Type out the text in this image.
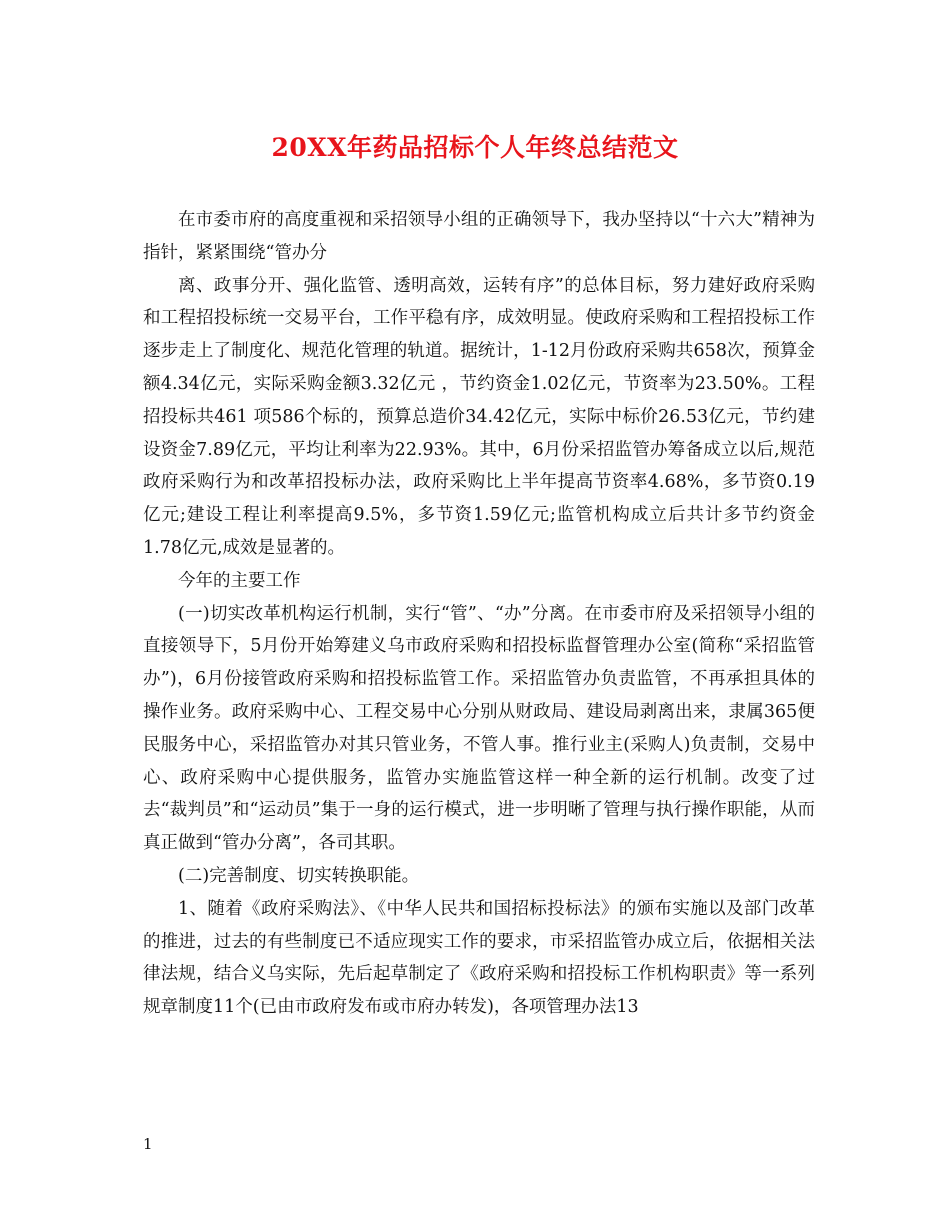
20XX年药品招标个人年终总结范文

在市委市府的高度重视和采招领导小组的正确领导下，我办坚持以“十六大”精神为指针，紧紧围绕“管办分

离、政事分开、强化监管、透明高效，运转有序”的总体目标，努力建好政府采购和工程招投标统一交易平台，工作平稳有序，成效明显。使政府采购和工程招投标工作逐步走上了制度化、规范化管理的轨道。据统计，1-12月份政府采购共658次，预算金额4.34亿元，实际采购金额3.32亿元 ，节约资金1.02亿元，节资率为23.50%。工程招投标共461 项586个标的，预算总造价34.42亿元，实际中标价26.53亿元，节约建设资金7.89亿元，平均让利率为22.93%。其中，6月份采招监管办筹备成立以后,规范政府采购行为和改革招投标办法，政府采购比上半年提高节资率4.68%，多节资0.19亿元;建设工程让利率提高9.5%，多节资1.59亿元;监管机构成立后共计多节约资金1.78亿元,成效是显著的。

今年的主要工作

(一)切实改革机构运行机制，实行“管”、“办”分离。在市委市府及采招领导小组的直接领导下，5月份开始筹建义乌市政府采购和招投标监督管理办公室(简称“采招监管办”)，6月份接管政府采购和招投标监管工作。采招监管办负责监管，不再承担具体的操作业务。政府采购中心、工程交易中心分别从财政局、建设局剥离出来，隶属365便民服务中心，采招监管办对其只管业务，不管人事。推行业主(采购人)负责制，交易中心、政府采购中心提供服务，监管办实施监管这样一种全新的运行机制。改变了过去“裁判员”和“运动员”集于一身的运行模式，进一步明晰了管理与执行操作职能，从而真正做到“管办分离”，各司其职。

(二)完善制度、切实转换职能。

1、随着《政府采购法》、《中华人民共和国招标投标法》的颁布实施以及部门改革的推进，过去的有些制度已不适应现实工作的要求，市采招监管办成立后，依据相关法律法规，结合义乌实际，先后起草制定了《政府采购和招投标工作机构职责》等一系列规章制度11个(已由市政府发布或市府办转发)，各项管理办法13

1
